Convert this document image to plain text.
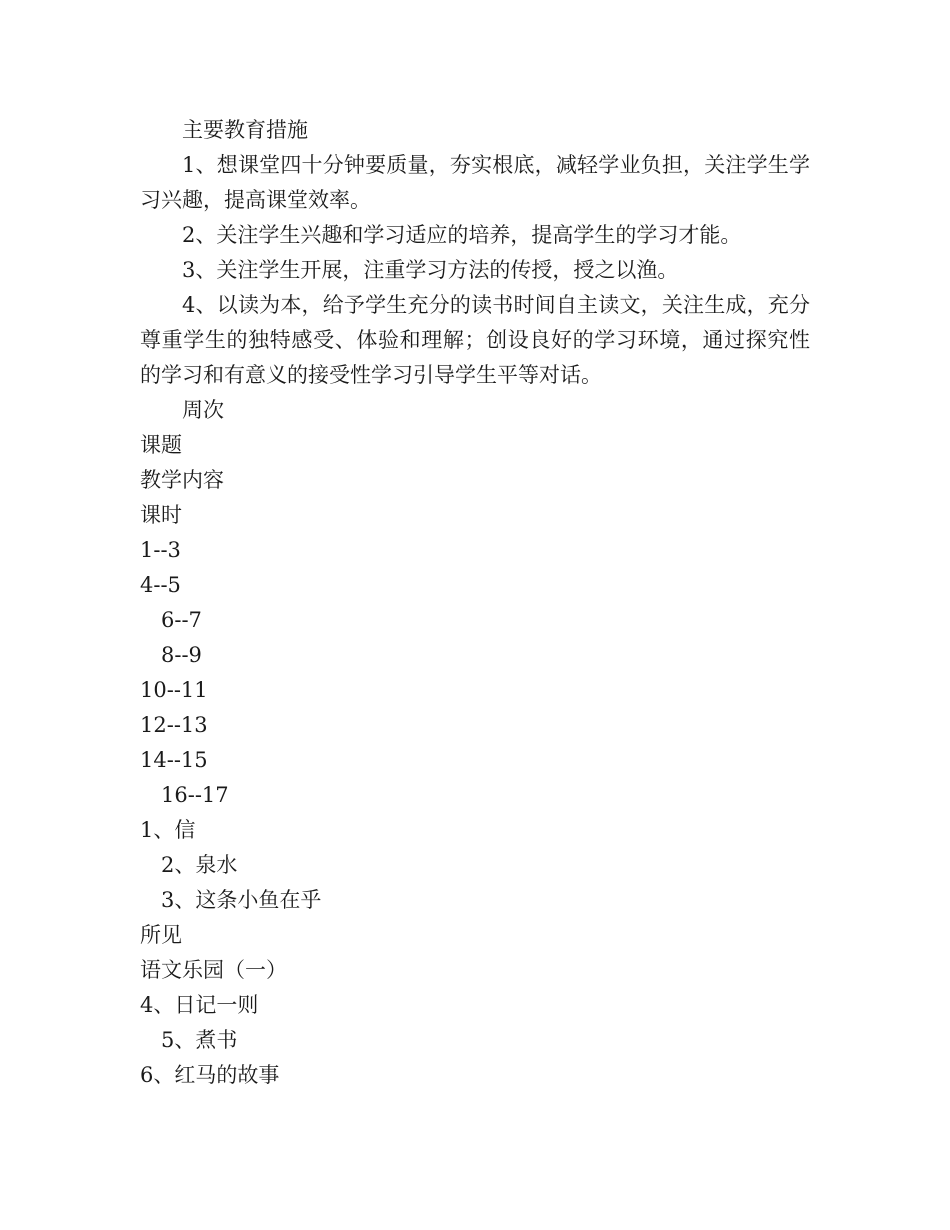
主要教育措施
1、想课堂四十分钟要质量，夯实根底，减轻学业负担，关注学生学习兴趣，提高课堂效率。
2、关注学生兴趣和学习适应的培养，提高学生的学习才能。
3、关注学生开展，注重学习方法的传授，授之以渔。
4、以读为本，给予学生充分的读书时间自主读文，关注生成，充分尊重学生的独特感受、体验和理解；创设良好的学习环境，通过探究性的学习和有意义的接受性学习引导学生平等对话。
周次
课题
教学内容
课时
1--3
4--5
6--7
8--9
10--11
12--13
14--15
16--17
1、信
2、泉水
3、这条小鱼在乎
所见
语文乐园（一）
4、日记一则
5、煮书
6、红马的故事
